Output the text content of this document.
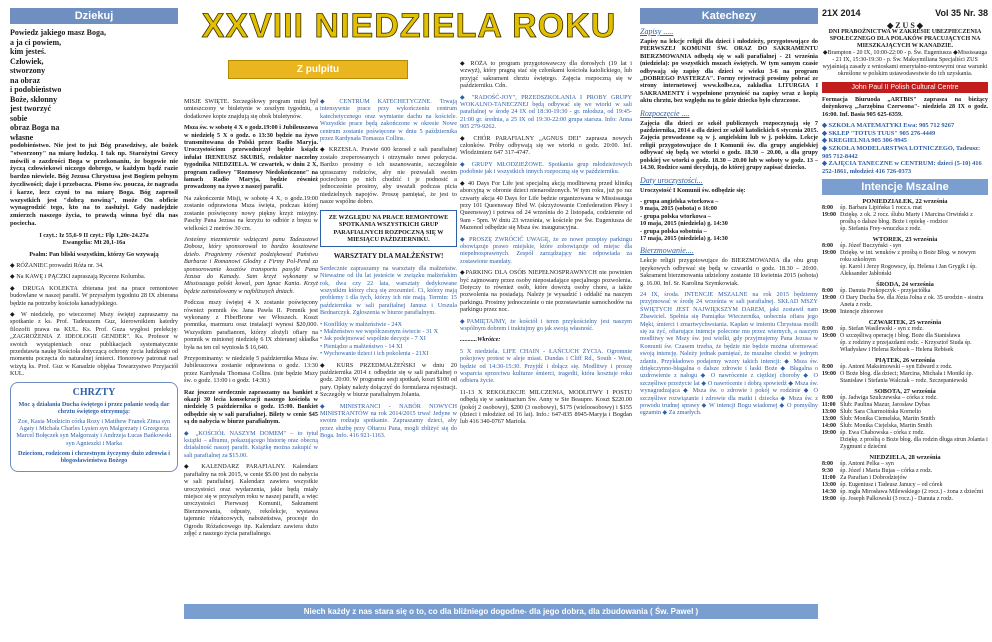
XXVIII NIEDZIELA ROKU
Z pulpitu
Dziekuj
Powiedz jakiego masz Boga,
a ja ci powiem,
kim jesteś.
Człowiek,
stworzony
na obraz
i podobieństwo
Boże, skłonny
jest tworzyć
sobie
obraz Boga na
własne
podobieństwo. Nie jest to już Bóg prawdziwy, ale bożek "stworzony" na miarę ludzką. I tak np. Starożytni Grecy mówili o zazdrości Boga w przekonaniu, że bogowie nie życzą człowiekowi niczego dobrego, w każdym bądź razie bardzo niewiele. Bóg Jezusa Chrystusa jest Bogiem pełnym życzliwości; daje i przebacza. Pismo św. poucza, że nagrada i karze, lecz czyni to na miarę Boga. Bóg zaprosił wszystkich jest "dobrą nowiną", może On obficie wynagrodzić tego, kto na to zasłużył. Gdy nadejdzie zmierzch naszego życia, to prawdą winna być dla nas pociecha.
I czyt.: Iz 55,6-9 II czyt.: Flp 1,20c-24.27a
Ewangelia: Mt 20,1-16a
Psalm: Pan bliski wszystkim, którzy Go wzywają
◆ RÓŻANIEC prowadzi Róża nr. 34.
◆ Na KAWĘ i PĄCZKI zapraszają Rycerze Kolumba.
◆ DRUGA KOLEKTA zbierana jest na prace remontowe budowlane w naszej parafii. W przyszłym tygodniu 28 IX zbierana będzie na potrzeby kościoła kanadyjskiego.
◆ W niedzielę, po wieczornej Mszy świętej zapraszamy na spotkanie z ks. Prof. Tadeuszem Guz, kierownikiem katedry filozofii prawa na KUL. Ks. Prof. Guza wygłosi prelekcję: „ZAGROŻENIA Z IDEOLOGII GENDER". Ks. Profesor w swoich wystąpieniach oraz publikacjach systematycznie przedstawia naukę Kościoła dotyczącą ochrony życia ludzkiego od momentu poczęcia do naturalnej śmierci. Honorowy patronat nad wizytą ks. Prof. Guz w Kanadzie objęłaa Towarzystwo Przyjaciół KUL.
CHRZTY
Moc ą działania Ducha świętego i przez polanie wodą dar chrztu świętego otrzymują:
Zoe, Kasia Modzicin córka Rozy i Matthew Franek Zima syn Agaty i Michała Charles Lysien syn Malgorzaty i Grzegorza Marcel Bołęczek syn Małgorzaty i Andrzeja Łucas Bańkowski syn Agnieszki i Marka
Dzieciom, rodzicom i chrzestnym życzymy dużo zdrowia i błogosławieństwa Bożego
MISJE ŚWIĘTE. Szczegółowy program misji był umieszczony w biuletynie w zeszłym tygodniu, a dodatkowe kopie znajdują się obok biuletynów.
Msza św. w sobotę 4 X o godz.19:00 i Jubileuszowa w niedzielę 5 X o godz. o 13:30 będzie na żywo transmitowana do Polski przez Radio Maryja. Uroczystościom przewodniczył będzie ksiądz infułat IRENEUSZ SKUBIŚ, redaktor naczelny tygodnika NIEDZIELA. W czwartek, w dniu 2 X, program radiowy "Rozmowy Niedokończone" na łamach Radio Maryja, będzie również prowadzony na żywo z naszej parafii.
Na zakończenie Misji, w sobotę 4 X, o godz.19:00 zostanie odprawiona Msza święta, podczas której zostanie poświęcony nowy piękny krzyż misyjny. Paschy Pana Jezusa na krzyżu to odbiór z bręzu w wielkości 2 metrów 30 cm.
Jesteśmy niezmiernie wdzięczni panu Tadeuszowi Dobosz, który sponsorował to bardzo kosztowne dzieło. Pragniemy również podziękować Państwu Barbarze i Romanowi Głodny z Firmy Pol-Pend za sponsorowanie kosztów transportu pasyjki Pana Jezusa do Kanady. Sam krzyż wykonany w Mississauga polski kowal, pan Ignac Kania. Krzyż będzie zainstalowany w najbliższych dniach.
Podczas mszy świętej 4 X zostanie poświęcony również pomnik św. Jana Pawła II. Pomnik jest wykonany z FiberBrone we Włoszech. Koszt pomnika, marmuru oraz instalacji wynosi $20,000. Wszystkim parafianom, którzy złożyli ofiary na pomnik w minionej niedzielę 6 IX zbieranej składka była na ten cel wyniosła $ 16,640.
Przypominamy: w niedzielę 5 października Msza św. Jubileuszowa zostanie odprawiona o godz. 13:30 przez Kardynała Thomasa Collins. (nie będzie Mszy św. o godz. 13:00 i o godz. 14:30.)
Raz jeszcze serdecznie zapraszamy na bankiet z okazji 30 lecia konsekracji naszego kościoła w niedzielę 5 października o godz. 15:00. Bankiet odbędzie się w sali parafialnej. Bilety w cenie $45 są do nabycia w biurze parafialnym.
◆ „KOŚCIÓŁ NASZYM DOMEM" – to tytuł książki – albumu, pokazującego historię oraz obecną działalność naszej parafii. Książkę można zakupić w sali parafialnej za $15.00.
◆ KALENDARZ PARAFIALNY. Kalendarz parafialny na rok 2015, w cenie $5.00 jest do nabycia w sali parafialnej. Kalendarz zawiera wszystkie uroczystości oraz wydarzenia, jakie będą miały miejsce się w przyszłym roku w naszej parafii, a więc uroczystości Pierwszej Komunii, Sakrament Bierzmowania, odpusty, rekolekcje, wystawa tajemnic różańcowych, nabożeństwa, procesje do Ogrodu Różańcowego itp. Kalendarz zawiera dużo zdjęć z naszego życia parafialnego.
◆ CENTRUM KATECHETYCZNE. Trwają intensywnie prace przy wykończeniu centrum katechetycznego oraz wymianie dachu na kościele. Wszystkie prace będą zakończone w okresie Nowe centrum zostanie poświęcone w dniu 5 października przez Kardynała Tomasza Collins.
◆ KRZESŁA. Prawie 600 krzeseł z sali parafialnej zostało zreperowanych i otrzymało nowe pokrycia. Bardzo prosimy o ich uszanowanie, szczególnie upraszamy rodziców, aby nie pozwalali swoim pociechom po nich chodzić i je podnosić a jednocześnie prosimy, aby uważali podczas picia niedzielnych napojów. Proszę pamiętać, że jest to nasze wspólne dobro.
ZE WZGLĘDU NA PRACE REMONTOWE SPOTKANIA WSZYSTKICH GRUP PARAFIALNYCH ROZPOCZNĄ SIĘ W MIESIĄCU PAŹDZIERNIKU.
WARSZTATY DLA MAŁŻEŃSTW!
Serdecznie zapraszamy na warsztaty dla małżeństw. Nieważne od ilu lat jesteście w związku małżeńskim rok, dwa czy 22 lata, warsztaty dedykowane wszystkim którzy chcą się zrozumieć. Ci, którzy mają problemy i dla tych, którzy ich nie mają. Termin: 15 października w sali parafialnej Janusz i Urszula Bednarczyk. Zgłoszenia w biurze parafialnym.
• Konflikty w małżeństwie - 24X
• Małżeństwo we współczesnym świecie - 31 X
• Jak podejmować wspólnie decyzje - 7 XI
• Pieniądze a małżeństwo - 14 XI
• Wychowanie dzieci i ich pokolenia - 21XI
◆ KURS PRZEDMAŁŻEŃSKI w dniu 20 października 2014 r. odbędzie się w sali parafialnej o godz. 20:00. W programie sesji spotkań, koszt $100 od pary. Opłaty należy dołączyć do formularza rejestracji. Szczegóły w biurze parafialnym Jolanta.
◆ MINISTRANCI - NABÓR NOWYCH MINISTRANTÓW na rok 2014/2015 trwa! Jedyne w swoim rodzaju spotkanie. Zapraszamy dzieci, aby przez służbę przy Ołtarzu Pana, mogli zbliżyć się do Boga. Info. 416 921-1163.
◆ RÓŻA to program przygotowawczy dla dorosłych (19 lat i wzwyż), który pragną stać się członkami kościoła katolickiego, lub przyjąć sakrament chrztu świętego. Zajęcia rozpoczną się w październiku. Cdn.
◆ "RADOŚĆ-JOY", PRZEDSZKOLANIA I PROBY GRUPY WOKALNO-TANECZNEJ będą odbywać się we wtorki w sali parafialnej w środę 24 IX od 18:30-19:30 - gr. młodsza, od 19:45-21:00 gr. średnia, a 25 IX od 19:30-22:00 grupa starsza. Info: Anna 905 279-9262.
◆ CHÓR PARAFIALNY „AGNUS DEI" zaprasza nowych członków. Próby odbywają się we wtorki o godz. 20:00. Inf. Włodzimierz 647 317-4747.
◆ GRUPY MŁODZIEŻOWE. Spotkania grup młodzieżowych podobnie jak i wszystkich innych rozpoczną się w październiku.
◆ 40 Days For Life jest specjalną akcją modlitewną przed kliniką aborcyjną w obronie dzieci nienarodzonych. W tym roku, już po raz czwarty akcja 40 Days for Life będzie organizowana w Mississauga przy 101 Queensway Blvd W. (skrzyżowanie Confederation Pkwy i Queensway) i potrwa od 24 września do 2 listopada, codziennie od 9am - 5pm. W dniu 23 września, w kościele pw Św. Eugeniusza de Mazenod odbędzie się Msza św. inauguracyjna.
◆ PROSZĘ ZWRÓCIĆ UWAGĘ, że ze nowe przepisy parkingu obowiązuje prawo miejskie, które zobowiązuje od miejsc dla niepełnosprawnych. Zespół zarządzający nie odpowiada za zostawione mandaty.
◆PARKING DLA OSÓB NIEPEŁNOSPRAWNYCH nie powinien być zajmowany przez osoby nieposiadające specjalnego pozwolenia. Dotyczy to również osób, które dowożą osoby chore, a także pozwolenia na posiadają. Należy je wysadzić i oddalić na naszym parkingu. Prosimy jednocześnie o nie pozostawianie samochodów na parkingu przez noc.
◆PAMIĘTAJMY, że kościół i teren przykościelny jest naszym wspólnym dobrem i traktujmy go jak swoją własność.
...........Wkrótce:
5 X niedziela. LIFE CHAIN - ŁAŃCUCH ŻYCIA. Ogromnie pokojowy protest w aleje miast. Dundas i Cliff Rd., South - West, będzie od 14:30-15:30. Przyjdź i dołącz się. Modlitwy i proszę wsparcia sprzeciwu kulturze śmierci, tragedii, która kosztuje roku odbiera życie.
11-13 X REKOLEKCJE MILCZENIA, MODLITWY I POSTU odbędą się w sanktuarium Św. Anny w Ste Beaupre. Koszt $220.00 (pokój 2 osobowy), $200 (3 osobowy), $175 (wieloosobowy) i $155 (dzieci i młodzież od 16 lat). Info.: 647-835 8945-Maryja i Bogdan lub 416 340-0767 Mariola.
Katechezy
Zapisy .....
Zapisy na lekcje religii dla dzieci i młodzieży, przygotowujące do PIERWSZEJ KOMUNII ŚW. ORAZ DO SAKRAMENTU BIERZMOWANIA odbędą się w sali parafialnej - 21 września (niedziela): po wszystkich mszach świętych. W tym samym czasie odbywają się zapisy dla dzieci w wieku 3-6 na program „DOBREGO PASTERZA". Formy rejestracji prosimy pobrać ze strony internetowej www.kolbe.ca, zakładka LITURGIA I SAKRAMENTY i wypełnione przynieść na zapisy wraz z kopią aktu chrztu, bez względu na to gdzie dziecko było chrzczone.
Rozpoczęcie ....
Zajęcia dla dzieci ze szkół publicznych rozpoczynają się 7 października, 2014 a dla dzieci ze szkół katolickich 6 stycznia 2015. Zajęcia prowadzone są w j. angielskim lub w j. polskim. Lekcje religii przygotowujące do I Komunii św. dla grupy angielskiej odbywać się będą we wtorki o godz. 18.30 – 20.00, a dla grupy polskiej we wtorki o godz. 18.30 – 20.00 lub w soboty w godz. 13 – 14.30. Rodzice sami decydują, do której grupy zapisać dziecko.
Daty uroczystości...
Uroczystość I Komunii św. odbędzie się:
- grupa angielska wtorkowa –
9 maja, 2015 (sobota) o 16:00
- grupa polska wtorkowa –
10 maja, 2015 (niedziela) g. 14:30
- grupa polska sobotnia –
17 maja, 2015 (niedziela) g. 14:30
Bierzmowanie....
Lekcje religii przygotowujące do BIERZMOWANIA dla obu grup językowych odbywać się będą w czwartki o godz. 18.30 – 20:00. Sakrament bierzmowania udzielony zostanie 18 kwietnia 2015 (sobota) g. 16.00. Inf. Sr. Karolina Szymkowiak.
24 IX, środa. INTENCJE MSZALNE na rok 2015 będziemy przyjmować w środę 24 września w sali parafialnej. SKŁAD MSZY ŚWIĘTYCH JEST NAJWIĘKSZYM DAREM, jaki zostawił nam Zbawiciel. Spełnia się Pamiątka Wieczernika, uobecnia ofiara jego Męki, śmierci i zmartwychwstania. Kapłan w imieniu Chrystusa modli się za żyć, ofiarujące intencje polecone mu przez wiernych, a naszym modlitwy we Mszy św. jest wielki, gdy przyjmujemy Pana Jezusa w Komunii św. Czasem trzeba, że będzie nie będzie można uformować swoją intencję. Należy jednak pamiętać, że mszalne chodzi w jednym zdaniu. Przykładowo podajemy wzory takich intencji: ◆ Msza św. dziękczynno-błagalna o dalsze zdrowie i łaski Boże ◆ Błagalna o uzdrowienie z nałogu ◆ O nawrócenie z ciężkiej choroby ◆ O szczęśliwe przeżycie lat ◆ O nawrócenie i dobrą spowiedź ◆ Msza św. wynagradzająca ◆ Msza św. o zdrowie i pokój w rodzinie ◆ O szczęśliwe rozwiązanie i zdrowie dla matki i dziecka ◆ Msza św. z powodu trudnej sprawy ◆ W intencji Bogu wiadomej ◆ O pomyślny egzamin ◆ Za zmarłych.
21X 2014	Vol 35 Nr. 38
◆ Z U S ◆
DNI PRABOŻNICTWA W ZAKRESIE UBEZPIECZENIA SPOŁECZNEGO DLA POLAKÓW PRACUJĄCYCH NA MIESZKAJĄCYCH W KANADZIE.
◆Brampton - 20 IX, 10:00-22:00 - p. Św. Eugeniusza ◆Mississauga - 21 IX, 15:30-19:30 - p. Św. Maksymiliana Specjaliści ZUS wyjaśniają zasady z wnioskami emerytalno-rentowymi oraz warunki określone w polskim ustawodawstwie do ich uzyskania.
John Paul II Polish Cultural Centre
Formacja Biuruoda „ARTBIS" zaprasza na bieżący dożynkową „Jarzębina Czerwona"- niedziela 28 IX o godz. 16:00. Inf. Basia 905 625-6359.
◆ SZKOŁA MATEMATYKI Ewa: 905 712 9267
◆ SKLEP "TOTUS TUUS" 905 276-4449
◆ KREGIELNIA 905 306-9945
◆ SZKOŁA MODELARSTWA LOTNICZEGO, Tadeusz: 905 712-8442
◆ ZAJĘCIA TANECZNE w CENTRUM: dzieci (5-10) 416 252-1861, młodzież 416 726-0373
Intencje Mszalne
PONIEDZIAŁEK, 22 września
8:00	śp. Barbara Lipińska 1 rocz.s. mat
19:00 Dziękę. z ok. 2 rocz. ślubu Marty i Marcina Orwiński z prośbą o dalsze błog. Boże i opiekę - rodzice
śp. Stefania Frey-wnuczka z rodz.
WTOREK, 23 września
8:00	śp. Józef Buczyński - syn
19:00 Dziękę. w int. wnuków z prośbą o Boże Błog. w nowym roku szkolnym
śp. Karol i Jerzy Rogowscy, śp. Helena i Jan Grygik i śp. Aleksander Jabłoński
ŚRODA, 24 września
8:00	śp. Danuta Prokopczyk - przyjaciółka
19:00 O Dary Ducha Św. dla Józia Jolna z ok. 35 urodzin - siostra Aneta z rodz.
19:00 Intencje zbiorowe
CZWARTEK, 25 września
8:00	śp. Stefan Wasilewski - syn z rodz.
19:00 O szczęśliwą operację i błog. Boże dla Stanisława
śp. z rodziny z przejazdami rodz. - Krzysztof Siuda śp. Władysław i Helena Rebisek – Helena Rebisek
PIĄTEK, 26 września
8:00	śp. Antoni Maksimowski – syn Edward z rodz.
19:00 O Boże błog. dla dzieci; Marcina, Michała i Moniki śp. Stanisław i Stefania Walczak – rodz. Szczepaniewski
SOBOTA, 27 września
8:00	śp. Jadwiga Szulczewska – córka z rodz.
11:00 Ślub: Paulina Mazur, Jarosław Dybas
13:00 Ślub: Sara Charmoińska Kornelio
13:00 Ślub: Monika Ciemelska, Martin Smith
14:00 Ślub: Monika Ciejelska, Martin Smith
19:00 śp. Ewa Chabowska - córka z rodz.
Dziękę. z prośbą o Boże błog. dla rodzin długa strun Jolanta i Zygmunt z dziećmi
NIEDZIELA, 28 września
8:00	śp. Antoni Pelka – syn
9:30	śp. Józef i Maria Bujas – córka z rodz.
11:00 Za Parafian i Dobrodziejów
13:00 śp. Eugeniusz i Tadeusz Janucy – od córek
14:30 śp. mgła Mirosława Milewskiego (2 rocz.) - żona z dziećmi
19:00 śp. Joseph Palkowski (3 rocz.) - Danuta z rodz.
Niech każdy z nas stara się o to, co dla bliźniego dogodne- dla jego dobra, dla zbudowania ( Św. Pawel )
